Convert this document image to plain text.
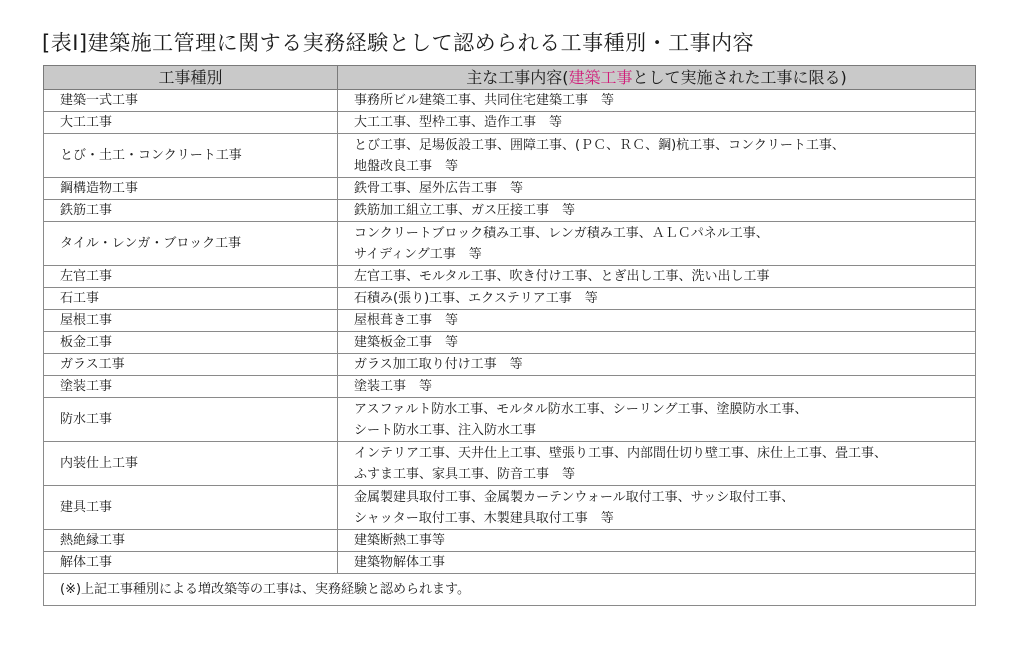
[表Ⅰ]建築施工管理に関する実務経験として認められる工事種別・工事内容
工事種別	主な工事内容(建築工事として実施された工事に限る)
建築一式工事	事務所ビル建築工事、共同住宅建築工事　等

大工工事	大工工事、型枠工事、造作工事　等

とび・土工・コンクリート工事	とび工事、足場仮設工事、囲障工事、(ＰＣ、ＲＣ、鋼)杭工事、コンクリート工事、
地盤改良工事　等

鋼構造物工事	鉄骨工事、屋外広告工事　等

鉄筋工事	鉄筋加工組立工事、ガス圧接工事　等

タイル・レンガ・ブロック工事	コンクリートブロック積み工事、レンガ積み工事、ＡＬＣパネル工事、
サイディング工事　等

左官工事	左官工事、モルタル工事、吹き付け工事、とぎ出し工事、洗い出し工事

石工事	石積み(張り)工事、エクステリア工事　等

屋根工事	屋根葺き工事　等

板金工事	建築板金工事　等

ガラス工事	ガラス加工取り付け工事　等

塗装工事	塗装工事　等

防水工事	アスファルト防水工事、モルタル防水工事、シーリング工事、塗膜防水工事、
シート防水工事、注入防水工事

内装仕上工事	インテリア工事、天井仕上工事、壁張り工事、内部間仕切り壁工事、床仕上工事、畳工事、
ふすま工事、家具工事、防音工事　等

建具工事	金属製建具取付工事、金属製カーテンウォール取付工事、サッシ取付工事、
シャッター取付工事、木製建具取付工事　等

熱絶縁工事	建築断熱工事等

解体工事	建築物解体工事

(※)上記工事種別による増改築等の工事は、実務経験と認められます。	
